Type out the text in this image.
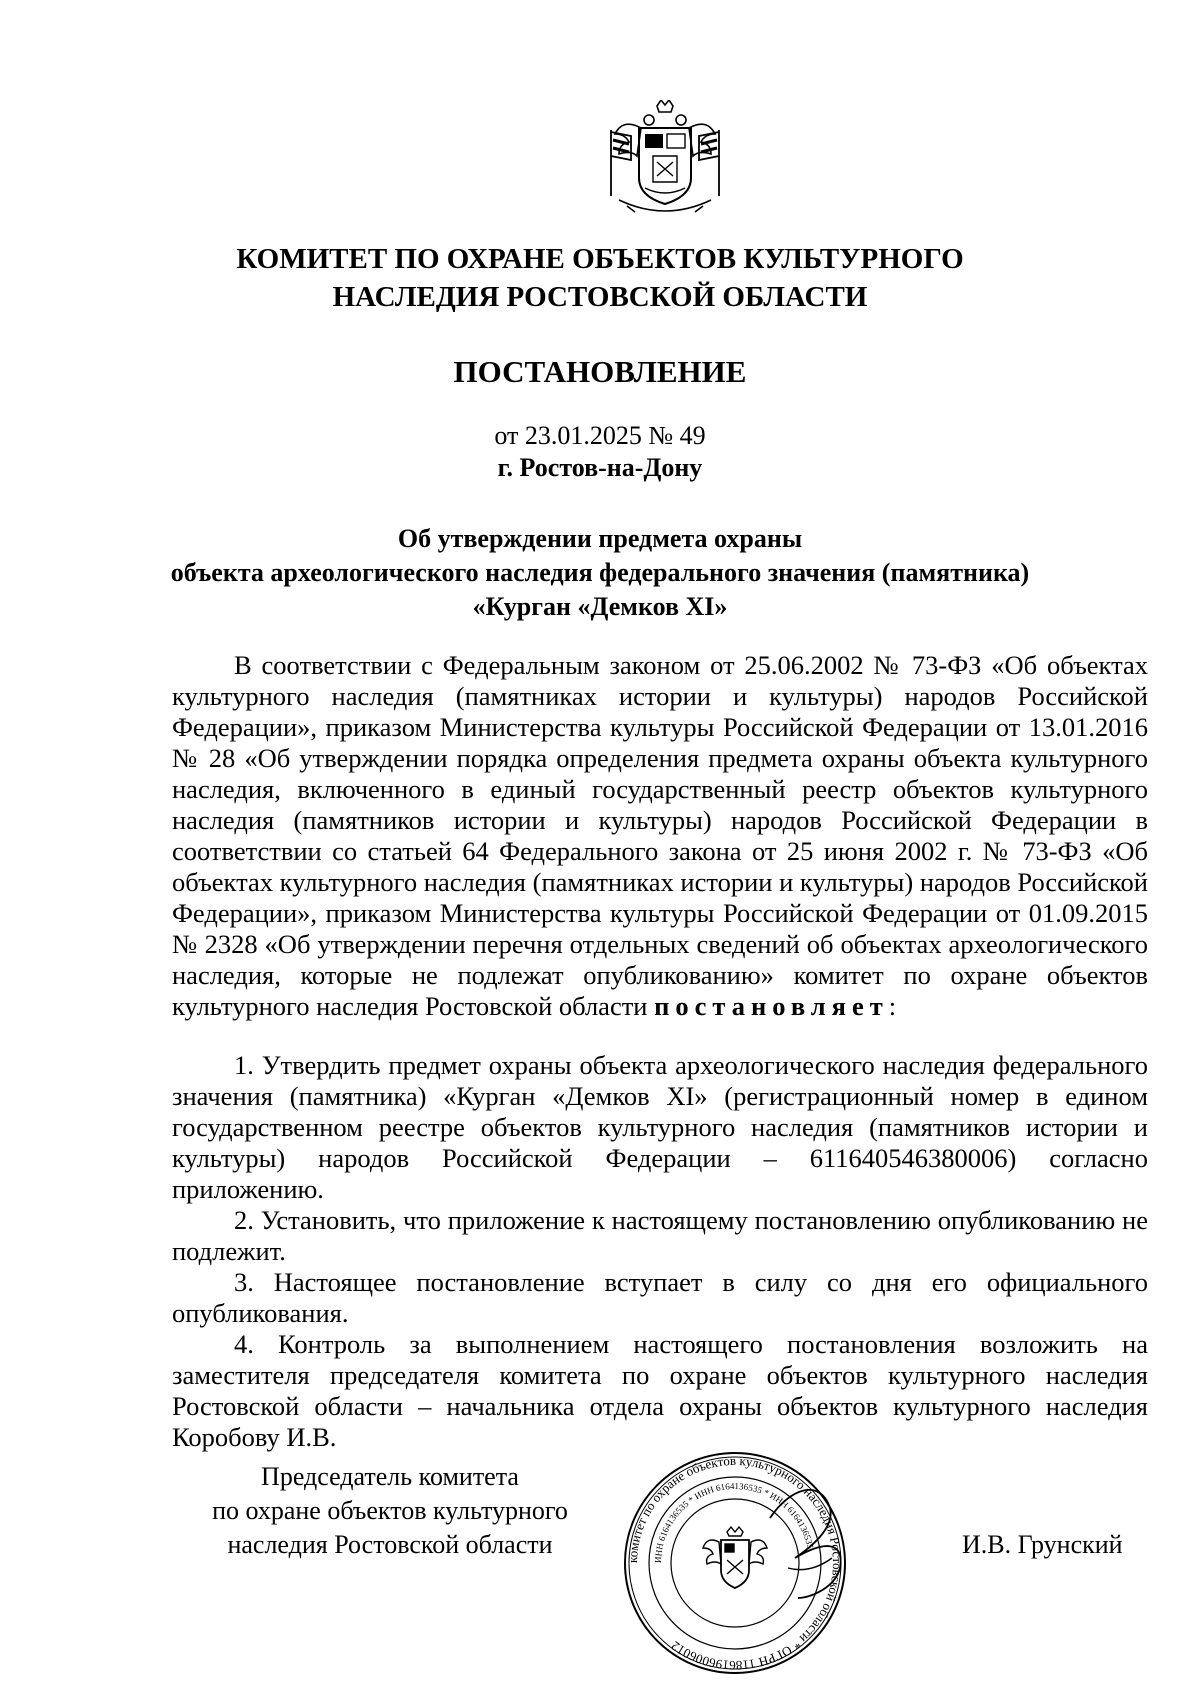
КОМИТЕТ ПО ОХРАНЕ ОБЪЕКТОВ КУЛЬТУРНОГО
НАСЛЕДИЯ РОСТОВСКОЙ ОБЛАСТИ
ПОСТАНОВЛЕНИЕ
от 23.01.2025 № 49
г. Ростов-на-Дону
Об утверждении предмета охраны
объекта археологического наследия федерального значения (памятника)
«Курган «Демков XI»

В соответствии с Федеральным законом от 25.06.2002 № 73-ФЗ «Об объектах культурного наследия (памятниках истории и культуры) народов Российской Федерации», приказом Министерства культуры Российской Федерации от 13.01.2016 № 28 «Об утверждении порядка определения предмета охраны объекта культурного наследия, включенного в единый государственный реестр объектов культурного наследия (памятников истории и культуры) народов Российской Федерации в соответствии со статьей 64 Федерального закона от 25 июня 2002 г. № 73-ФЗ «Об объектах культурного наследия (памятниках истории и культуры) народов Российской Федерации», приказом Министерства культуры Российской Федерации от 01.09.2015 № 2328 «Об утверждении перечня отдельных сведений об объектах археологического наследия, которые не подлежат опубликованию» комитет по охране объектов культурного наследия Ростовской области постановляет:

1. Утвердить предмет охраны объекта археологического наследия федерального значения (памятника) «Курган «Демков XI» (регистрационный номер в едином государственном реестре объектов культурного наследия (памятников истории и культуры) народов Российской Федерации – 611640546380006) согласно приложению.

2. Установить, что приложение к настоящему постановлению опубликованию не подлежит.

3. Настоящее постановление вступает в силу со дня его официального опубликования.

4. Контроль за выполнением настоящего постановления возложить на заместителя председателя комитета по охране объектов культурного наследия Ростовской области – начальника отдела охраны объектов культурного наследия Коробову И.В.

Председатель комитета
по охране объектов культурного
наследия Ростовской области
комитет по охране объектов культурного наследия Ростовской области * ОГРН 1186196006012
ИНН 6164136535 * ИНН 6164136535 * ИНН 6164136535	И.В. Грунский
